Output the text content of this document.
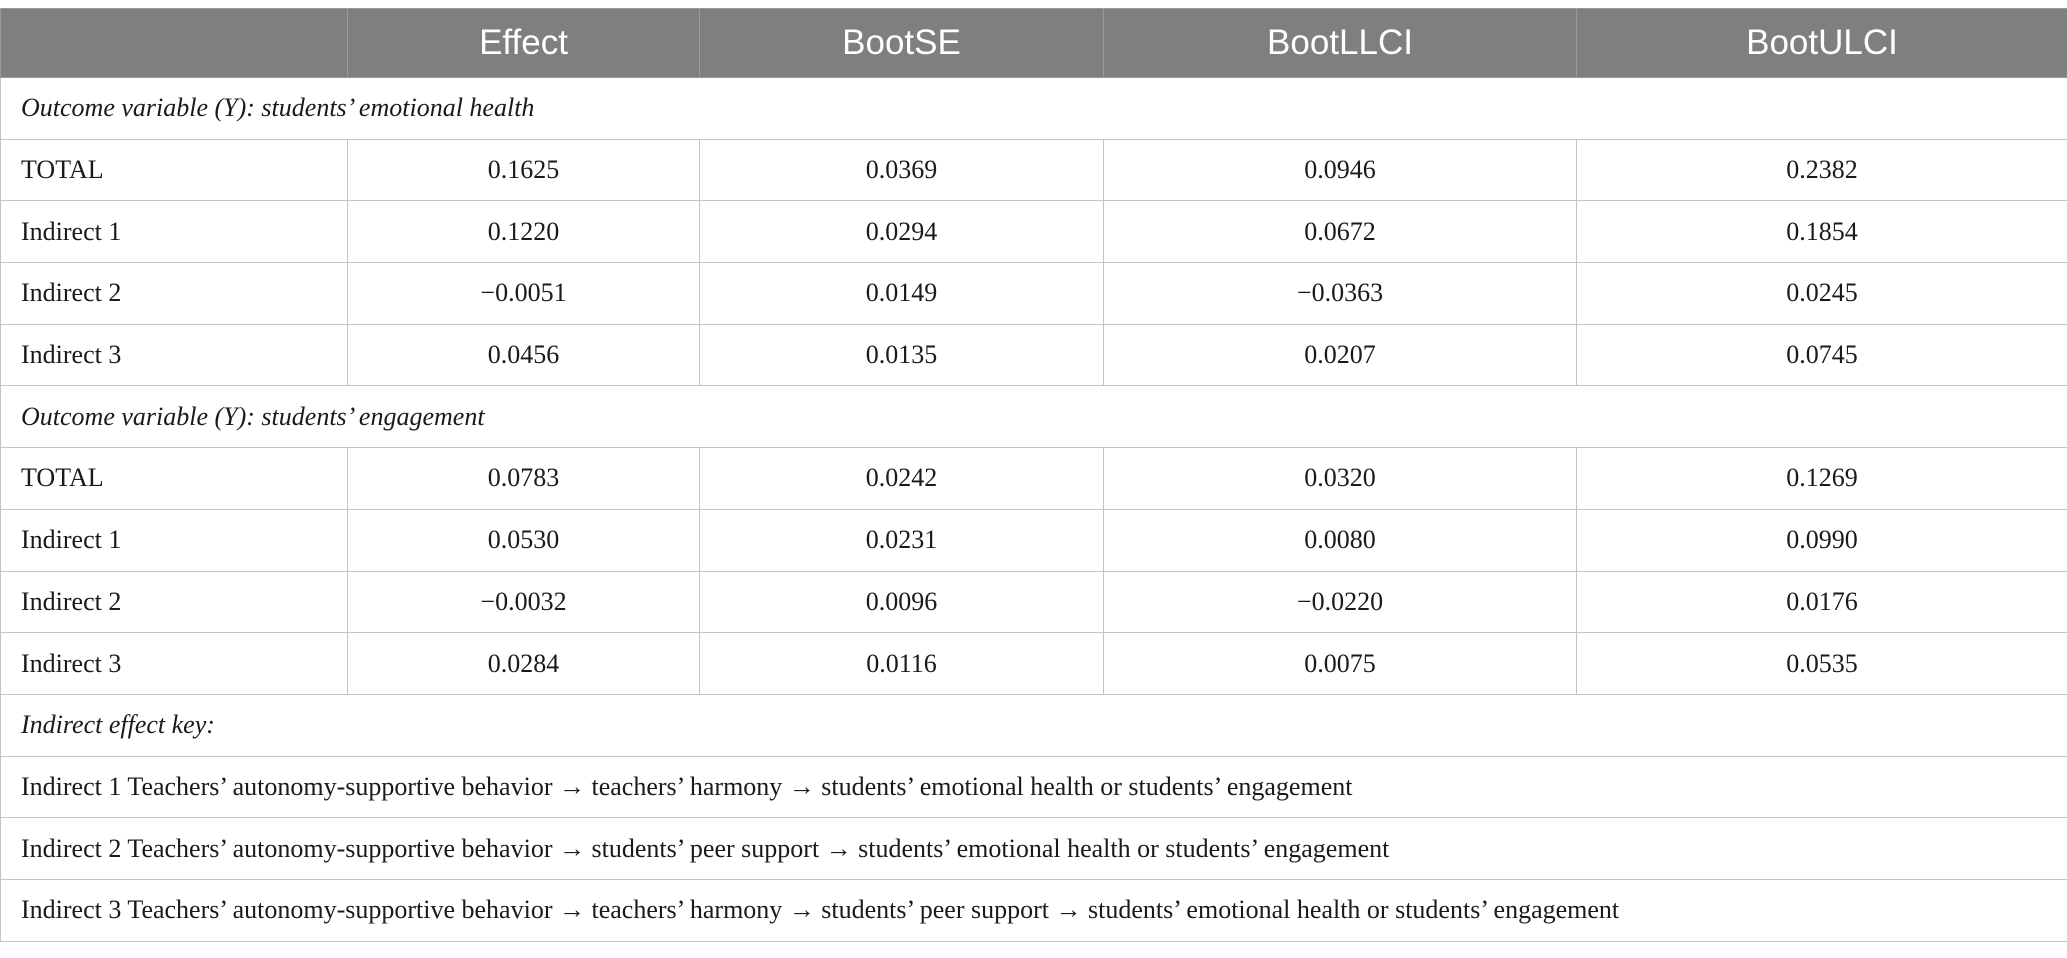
	Effect	BootSE	BootLLCI	BootULCI
Outcome variable (Y): students’ emotional health				
TOTAL	0.1625	0.0369	0.0946	0.2382
Indirect 1	0.1220	0.0294	0.0672	0.1854
Indirect 2	−0.0051	0.0149	−0.0363	0.0245
Indirect 3	0.0456	0.0135	0.0207	0.0745
Outcome variable (Y): students’ engagement				
TOTAL	0.0783	0.0242	0.0320	0.1269
Indirect 1	0.0530	0.0231	0.0080	0.0990
Indirect 2	−0.0032	0.0096	−0.0220	0.0176
Indirect 3	0.0284	0.0116	0.0075	0.0535
Indirect effect key:				
Indirect 1 Teachers’ autonomy-supportive behavior → teachers’ harmony → students’ emotional health or students’ engagement				
Indirect 2 Teachers’ autonomy-supportive behavior → students’ peer support → students’ emotional health or students’ engagement				
Indirect 3 Teachers’ autonomy-supportive behavior → teachers’ harmony → students’ peer support → students’ emotional health or students’ engagement				
